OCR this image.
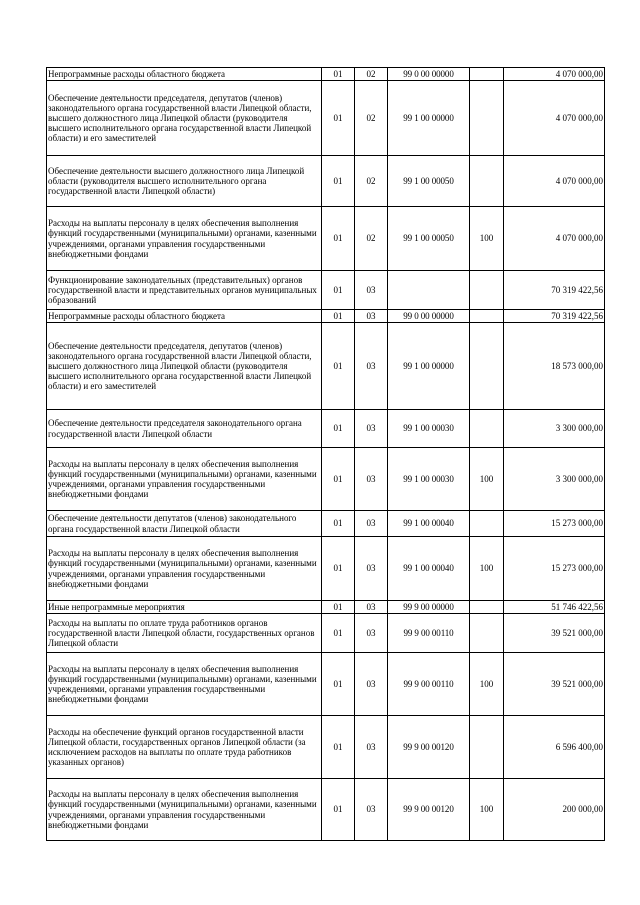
Непрограммные расходы областного бюджета	01	02	99 0 00 00000		4 070 000,00
Обеспечение деятельности председателя, депутатов (членов) законодательного органа государственной власти Липецкой области, высшего должностного лица Липецкой области (руководителя высшего исполнительного органа государственной власти Липецкой области) и его заместителей	01	02	99 1 00 00000		4 070 000,00
Обеспечение деятельности высшего должностного лица Липецкой области (руководителя высшего исполнительного органа государственной власти Липецкой области)	01	02	99 1 00 00050		4 070 000,00
Расходы на выплаты персоналу в целях обеспечения выполнения функций государственными (муниципальными) органами, казенными учреждениями, органами управления государственными внебюджетными фондами	01	02	99 1 00 00050	100	4 070 000,00
Функционирование законодательных (представительных) органов государственной власти и представительных органов муниципальных образований	01	03			70 319 422,56
Непрограммные расходы областного бюджета	01	03	99 0 00 00000		70 319 422,56
Обеспечение деятельности председателя, депутатов (членов) законодательного органа государственной власти Липецкой области, высшего должностного лица Липецкой области (руководителя высшего исполнительного органа государственной власти Липецкой области) и его заместителей	01	03	99 1 00 00000		18 573 000,00
Обеспечение деятельности председателя законодательного органа государственной власти Липецкой области	01	03	99 1 00 00030		3 300 000,00
Расходы на выплаты персоналу в целях обеспечения выполнения функций государственными (муниципальными) органами, казенными учреждениями, органами управления государственными внебюджетными фондами	01	03	99 1 00 00030	100	3 300 000,00
Обеспечение деятельности депутатов (членов) законодательного органа государственной власти Липецкой области	01	03	99 1 00 00040		15 273 000,00
Расходы на выплаты персоналу в целях обеспечения выполнения функций государственными (муниципальными) органами, казенными учреждениями, органами управления государственными внебюджетными фондами	01	03	99 1 00 00040	100	15 273 000,00
Иные непрограммные мероприятия	01	03	99 9 00 00000		51 746 422,56
Расходы на выплаты по оплате труда работников органов государственной власти Липецкой области, государственных органов Липецкой области	01	03	99 9 00 00110		39 521 000,00
Расходы на выплаты персоналу в целях обеспечения выполнения функций государственными (муниципальными) органами, казенными учреждениями, органами управления государственными внебюджетными фондами	01	03	99 9 00 00110	100	39 521 000,00
Расходы на обеспечение функций органов государственной власти Липецкой области, государственных органов Липецкой области (за исключением расходов на выплаты по оплате труда работников указанных органов)	01	03	99 9 00 00120		6 596 400,00
Расходы на выплаты персоналу в целях обеспечения выполнения функций государственными (муниципальными) органами, казенными учреждениями, органами управления государственными внебюджетными фондами	01	03	99 9 00 00120	100	200 000,00
